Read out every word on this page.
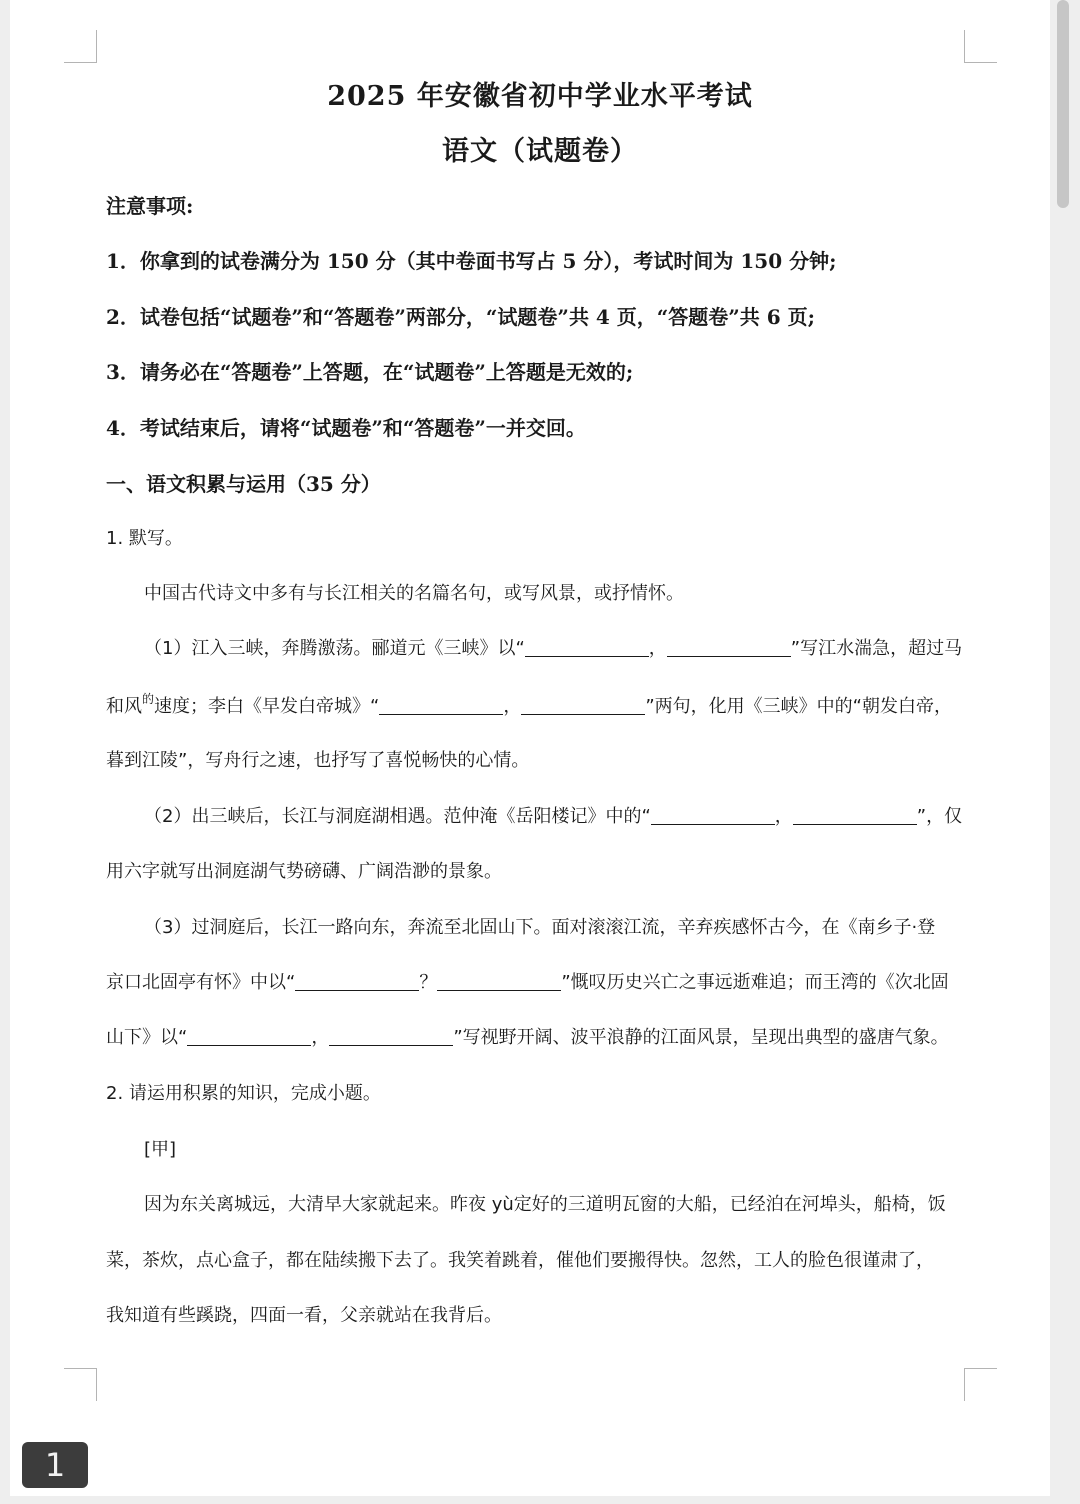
2025 年安徽省初中学业水平考试
语文（试题卷）
注意事项:
1．你拿到的试卷满分为 150 分（其中卷面书写占 5 分），考试时间为 150 分钟;
2．试卷包括“试题卷”和“答题卷”两部分，“试题卷”共 4 页，“答题卷”共 6 页;
3．请务必在“答题卷”上答题，在“试题卷”上答题是无效的;
4．考试结束后，请将“试题卷”和“答题卷”一并交回。
一、语文积累与运用（35 分）
1. 默写。
中国古代诗文中多有与长江相关的名篇名句，或写风景，或抒情怀。
（1）江入三峡，奔腾激荡。郦道元《三峡》以“	，	”写江水湍急，超过马
和风$^的$速度；李白《早发白帝城》“	，	”两句，化用《三峡》中的“朝发白帝，
暮到江陵”，写舟行之速，也抒写了喜悦畅快的心情。
（2）出三峡后，长江与洞庭湖相遇。范仲淹《岳阳楼记》中的“	，	”，仅
用六字就写出洞庭湖气势磅礴、广阔浩渺的景象。
（3）过洞庭后，长江一路向东，奔流至北固山下。面对滚滚江流，辛弃疾感怀古今，在《南乡子·登
京口北固亭有怀》中以“	？	”慨叹历史兴亡之事远逝难追；而王湾的《次北固
山下》以“	，	”写视野开阔、波平浪静的江面风景，呈现出典型的盛唐气象。
2. 请运用积累的知识，完成小题。
[甲]
因为东关离城远，大清早大家就起来。昨夜 yù定好的三道明瓦窗的大船，已经泊在河埠头，船椅，饭
菜，茶炊，点心盒子，都在陆续搬下去了。我笑着跳着，催他们要搬得快。忽然，工人的脸色很谨肃了，
我知道有些蹊跷，四面一看，父亲就站在我背后。
1
